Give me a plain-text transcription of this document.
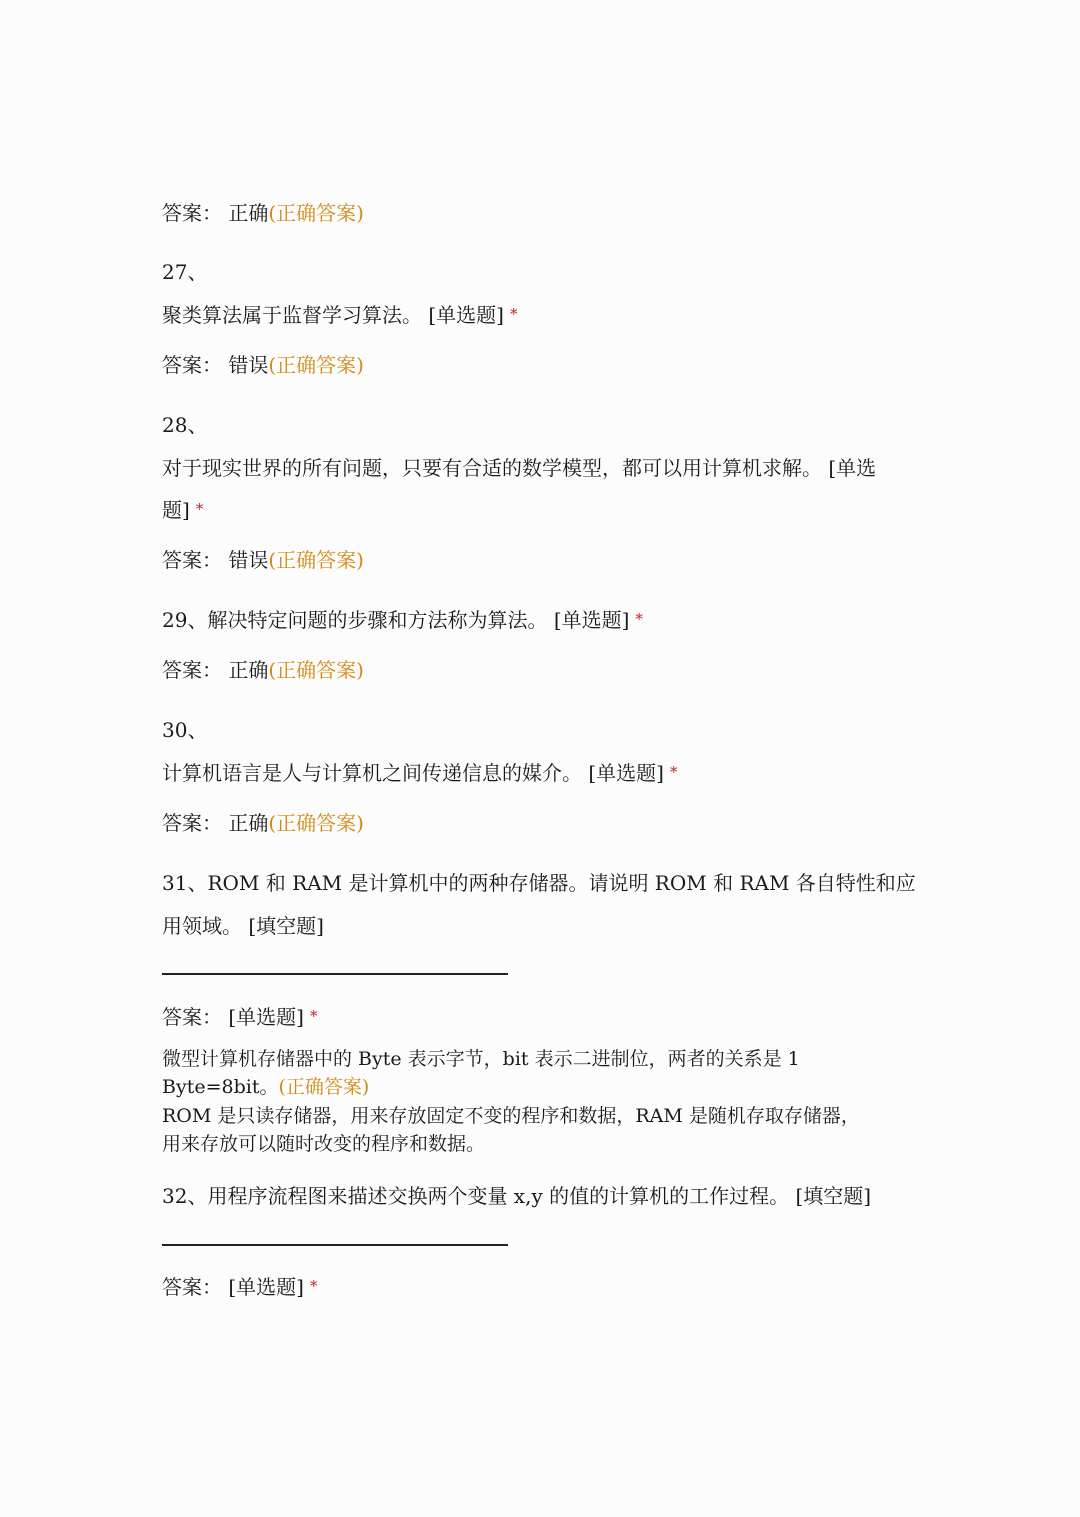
答案： 正确(正确答案)
27、
聚类算法属于监督学习算法。 [单选题] *
答案： 错误(正确答案)
28、
对于现实世界的所有问题，只要有合适的数学模型，都可以用计算机求解。 [单选
题] *
答案： 错误(正确答案)
29、解决特定问题的步骤和方法称为算法。 [单选题] *
答案： 正确(正确答案)
30、
计算机语言是人与计算机之间传递信息的媒介。 [单选题] *
答案： 正确(正确答案)
31、ROM 和 RAM 是计算机中的两种存储器。请说明 ROM 和 RAM 各自特性和应
用领域。 [填空题]
答案： [单选题] *
微型计算机存储器中的 Byte 表示字节，bit 表示二进制位，两者的关系是 1
Byte=8bit。(正确答案)
ROM 是只读存储器，用来存放固定不变的程序和数据，RAM 是随机存取存储器，
用来存放可以随时改变的程序和数据。
32、用程序流程图来描述交换两个变量 x,y 的值的计算机的工作过程。 [填空题]
答案： [单选题] *
